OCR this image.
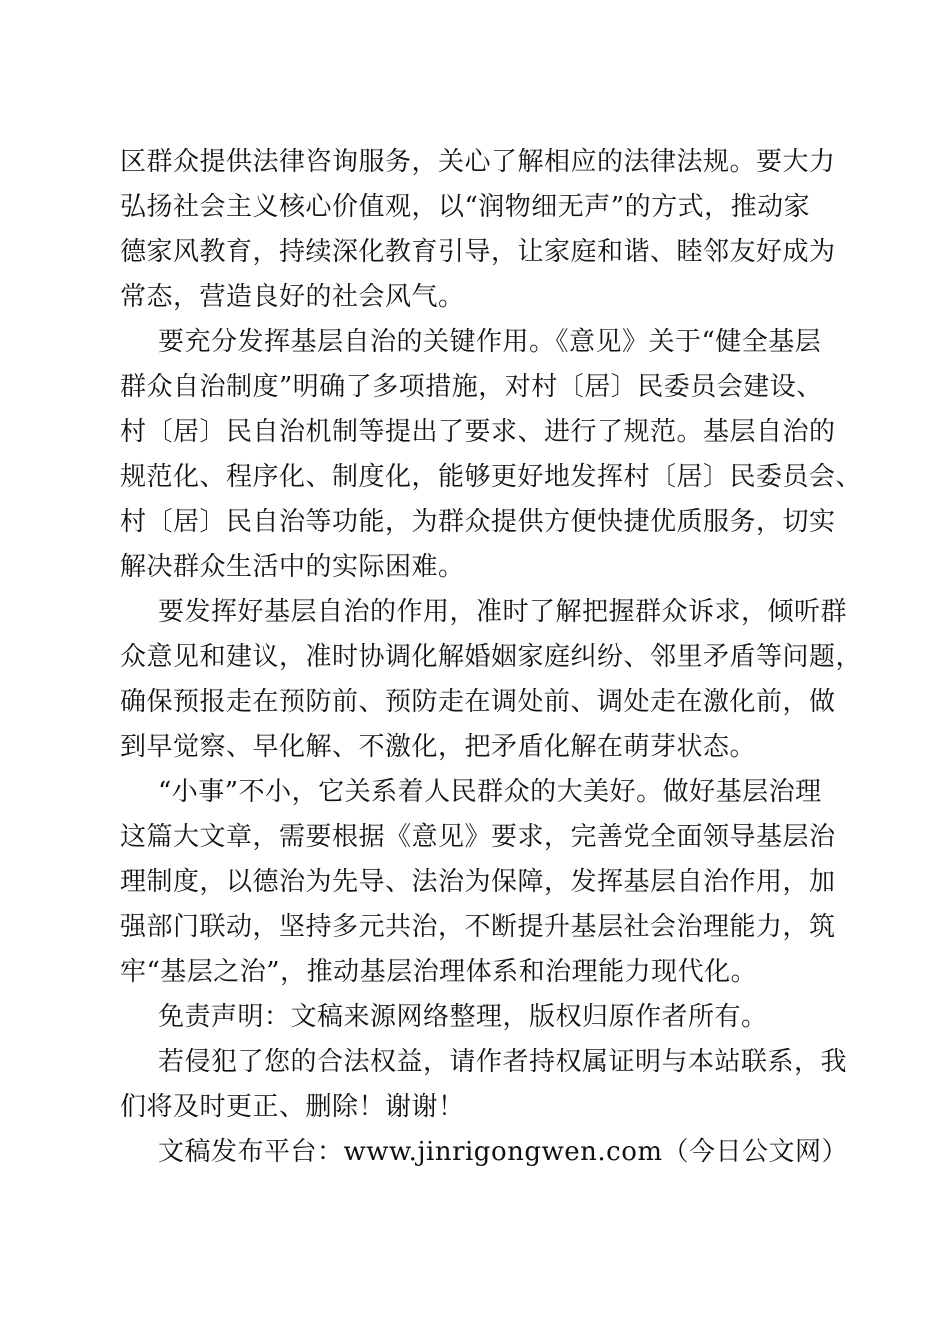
区群众提供法律咨询服务，关心了解相应的法律法规。要大力
弘扬社会主义核心价值观，以“润物细无声”的方式，推动家
德家风教育，持续深化教育引导，让家庭和谐、睦邻友好成为
常态，营造良好的社会风气。
要充分发挥基层自治的关键作用。《意见》关于“健全基层
群众自治制度”明确了多项措施，对村〔居〕民委员会建设、
村〔居〕民自治机制等提出了要求、进行了规范。基层自治的
规范化、程序化、制度化，能够更好地发挥村〔居〕民委员会、
村〔居〕民自治等功能，为群众提供方便快捷优质服务，切实
解决群众生活中的实际困难。
要发挥好基层自治的作用，准时了解把握群众诉求，倾听群
众意见和建议，准时协调化解婚姻家庭纠纷、邻里矛盾等问题，
确保预报走在预防前、预防走在调处前、调处走在激化前，做
到早觉察、早化解、不激化，把矛盾化解在萌芽状态。
“小事”不小，它关系着人民群众的大美好。做好基层治理
这篇大文章，需要根据《意见》要求，完善党全面领导基层治
理制度，以德治为先导、法治为保障，发挥基层自治作用，加
强部门联动，坚持多元共治，不断提升基层社会治理能力，筑
牢“基层之治”，推动基层治理体系和治理能力现代化。
免责声明：文稿来源网络整理，版权归原作者所有。
若侵犯了您的合法权益，请作者持权属证明与本站联系，我
们将及时更正、删除！谢谢！
文稿发布平台：www.jinrigongwen.com（今日公文网）
